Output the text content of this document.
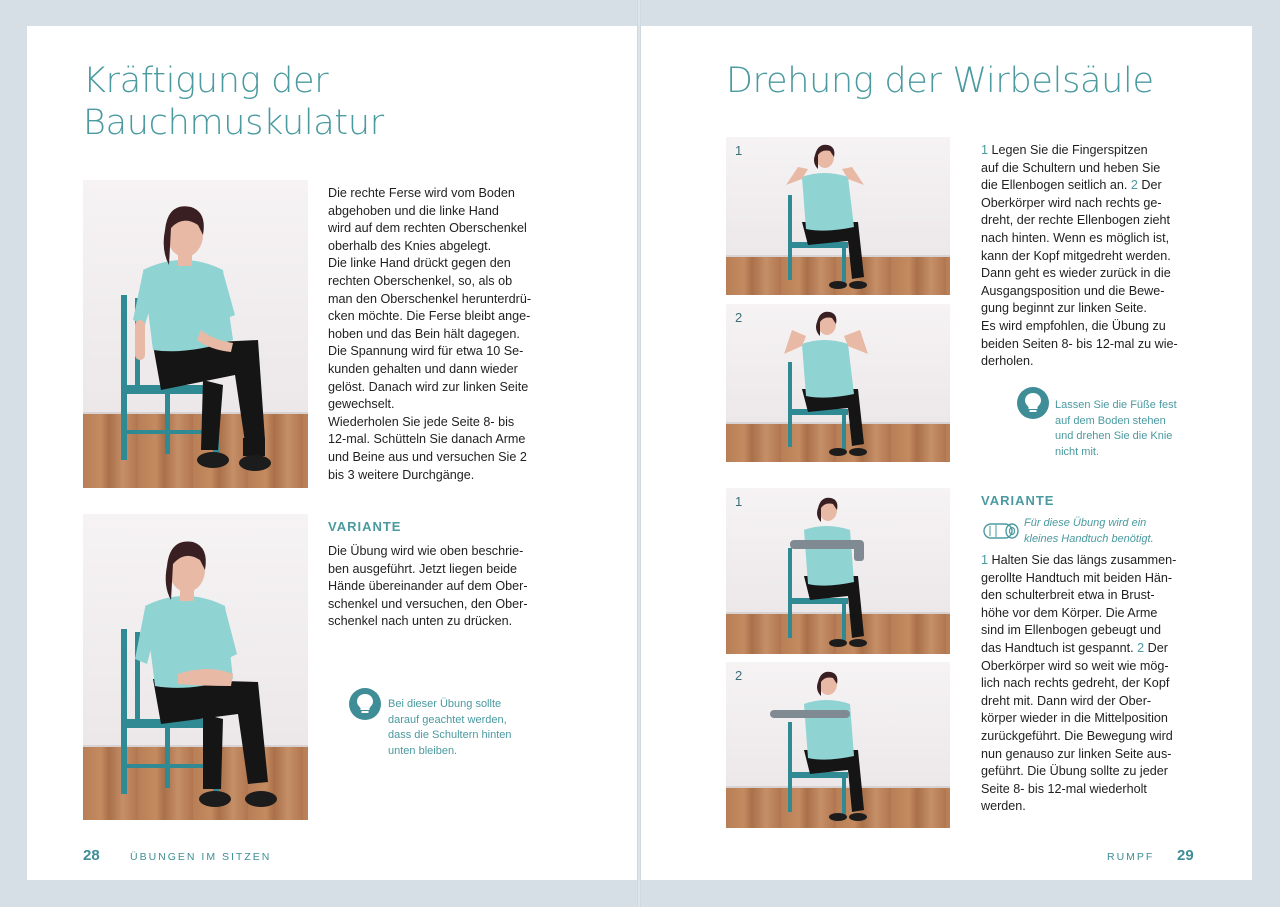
Kräftigung der
Bauchmuskulatur
Die rechte Ferse wird vom Boden
abgehoben und die linke Hand
wird auf dem rechten Oberschenkel
oberhalb des Knies abgelegt.
Die linke Hand drückt gegen den
rechten Oberschenkel, so, als ob
man den Oberschenkel herunterdrü-
cken möchte. Die Ferse bleibt ange-
hoben und das Bein hält dagegen.
Die Spannung wird für etwa 10 Se-
kunden gehalten und dann wieder
gelöst. Danach wird zur linken Seite
gewechselt.
Wiederholen Sie jede Seite 8- bis
12-mal. Schütteln Sie danach Arme
und Beine aus und versuchen Sie 2
bis 3 weitere Durchgänge.
VARIANTE
Die Übung wird wie oben beschrie-
ben ausgeführt. Jetzt liegen beide
Hände übereinander auf dem Ober-
schenkel und versuchen, den Ober-
schenkel nach unten zu drücken.
Bei dieser Übung sollte
darauf geachtet werden,
dass die Schultern hinten
unten bleiben.
28	ÜBUNGEN IM SITZEN
Drehung der Wirbelsäule
1
2
1 Legen Sie die Fingerspitzen
auf die Schultern und heben Sie
die Ellenbogen seitlich an. 2 Der
Oberkörper wird nach rechts ge-
dreht, der rechte Ellenbogen zieht
nach hinten. Wenn es möglich ist,
kann der Kopf mitgedreht werden.
Dann geht es wieder zurück in die
Ausgangsposition und die Bewe-
gung beginnt zur linken Seite.
Es wird empfohlen, die Übung zu
beiden Seiten 8- bis 12-mal zu wie-
derholen.
Lassen Sie die Füße fest
auf dem Boden stehen
und drehen Sie die Knie
nicht mit.
1
2
VARIANTE
Für diese Übung wird ein
kleines Handtuch benötigt.
1 Halten Sie das längs zusammen-
gerollte Handtuch mit beiden Hän-
den schulterbreit etwa in Brust-
höhe vor dem Körper. Die Arme
sind im Ellenbogen gebeugt und
das Handtuch ist gespannt. 2 Der
Oberkörper wird so weit wie mög-
lich nach rechts gedreht, der Kopf
dreht mit. Dann wird der Ober-
körper wieder in die Mittelposition
zurückgeführt. Die Bewegung wird
nun genauso zur linken Seite aus-
geführt. Die Übung sollte zu jeder
Seite 8- bis 12-mal wiederholt
werden.
RUMPF 29
